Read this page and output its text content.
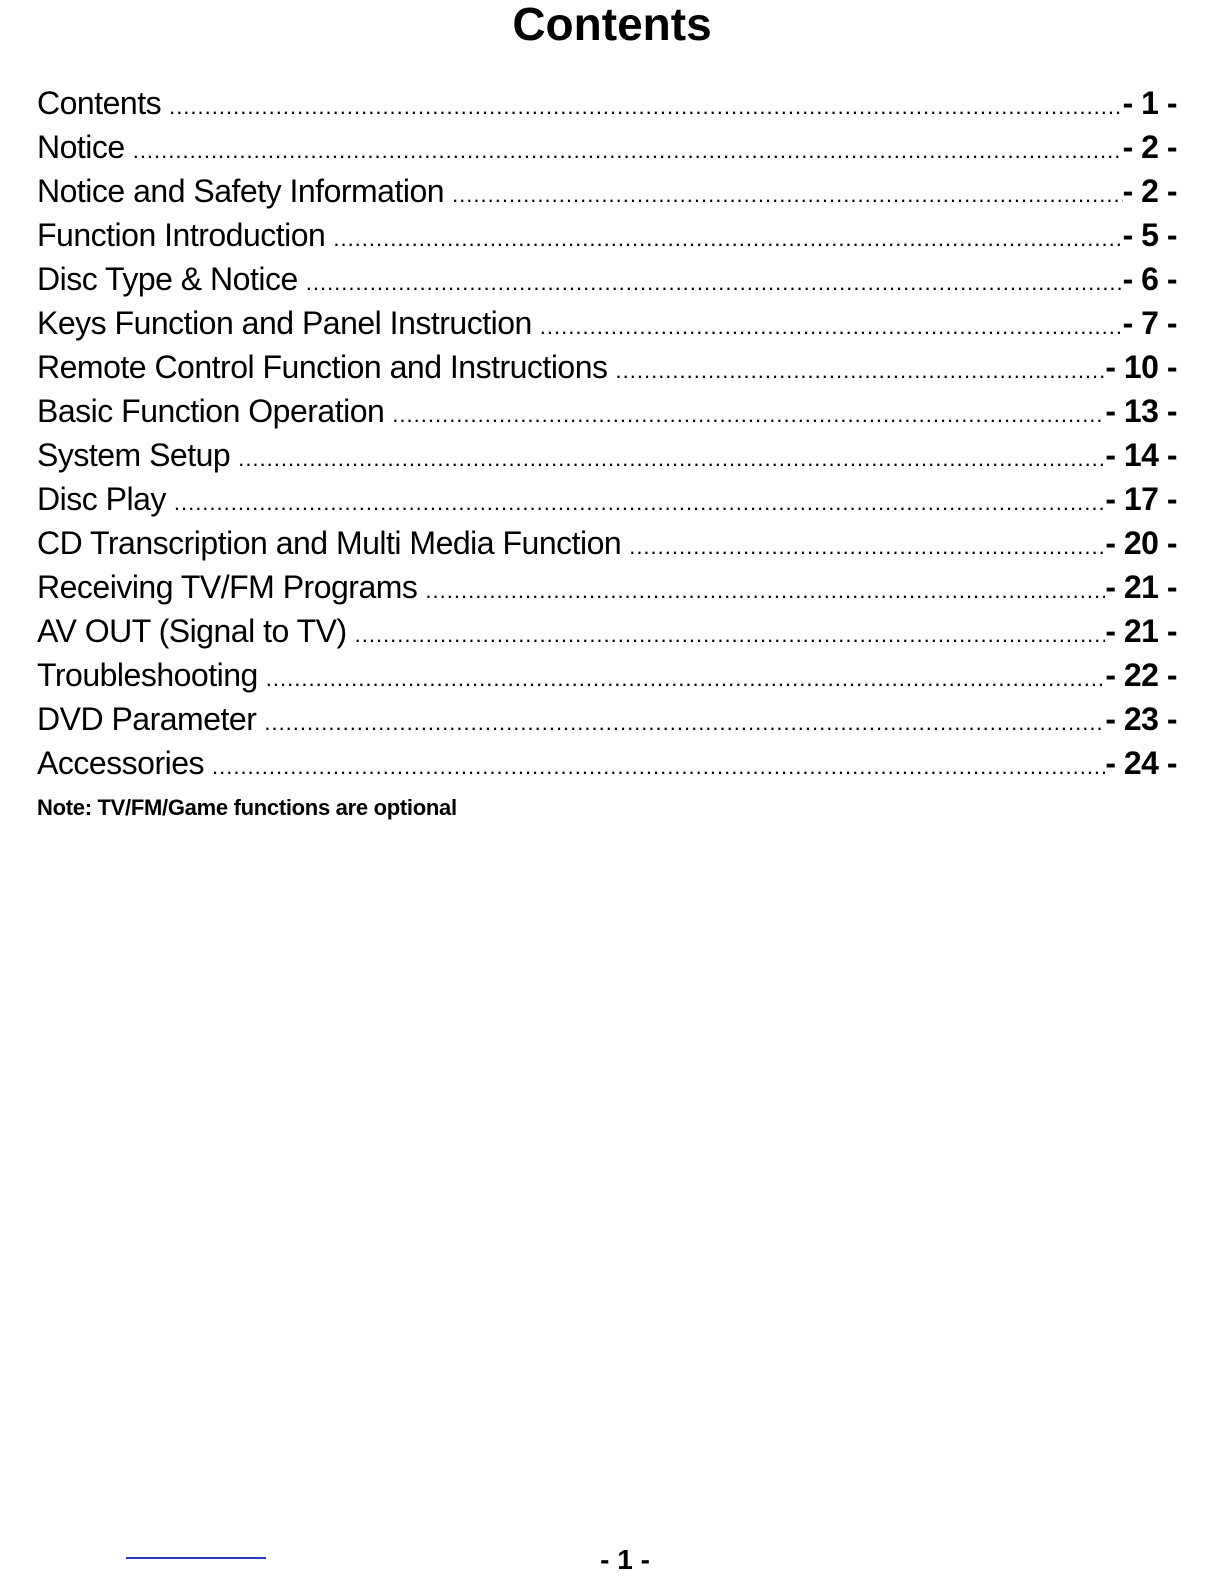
Contents
Contents .....	- 1 -
Notice .....	- 2 -
Notice and Safety Information .....	- 2 -
Function Introduction .....	- 5 -
Disc Type & Notice .....	- 6 -
Keys Function and Panel Instruction .....	- 7 -
Remote Control Function and Instructions .....	- 10 -
Basic Function Operation .....	- 13 -
System Setup .....	- 14 -
Disc Play .....	- 17 -
CD Transcription and Multi Media Function .....	- 20 -
Receiving TV/FM Programs .....	- 21 -
AV OUT (Signal to TV) .....	- 21 -
Troubleshooting .....	- 22 -
DVD Parameter .....	- 23 -
Accessories .....	- 24 -
Note: TV/FM/Game functions are optional
- 1 -
